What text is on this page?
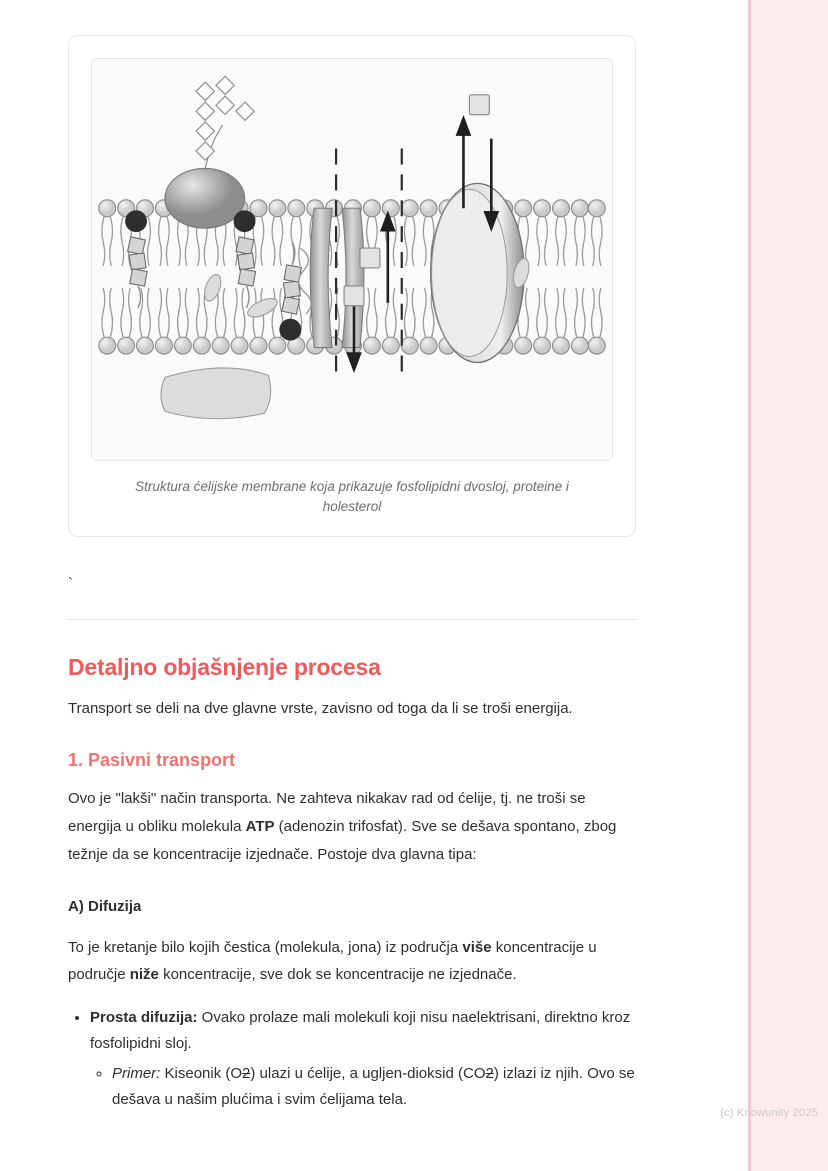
(c) Knowunity 2025
Struktura ćelijske membrane koja prikazuje fosfolipidni dvosloj, proteine i holesterol
`
Detaljno objašnjenje procesa

Transport se deli na dve glavne vrste, zavisno od toga da li se troši energija.

1. Pasivni transport

Ovo je "lakši" način transporta. Ne zahteva nikakav rad od ćelije, tj. ne troši se energija u obliku molekula ATP (adenozin trifosfat). Sve se dešava spontano, zbog težnje da se koncentracije izjednače. Postoje dva glavna tipa:

A) Difuzija

To je kretanje bilo kojih čestica (molekula, jona) iz područja više koncentracije u područje niže koncentracije, sve dok se koncentracije ne izjednače.

• Prosta difuzija: Ovako prolaze mali molekuli koji nisu naelektrisani, direktno kroz fosfolipidni sloj.
◦ Primer: Kiseonik (O2) ulazi u ćelije, a ugljen-dioksid (CO2) izlazi iz njih. Ovo se dešava u našim plućima i svim ćelijama tela.
